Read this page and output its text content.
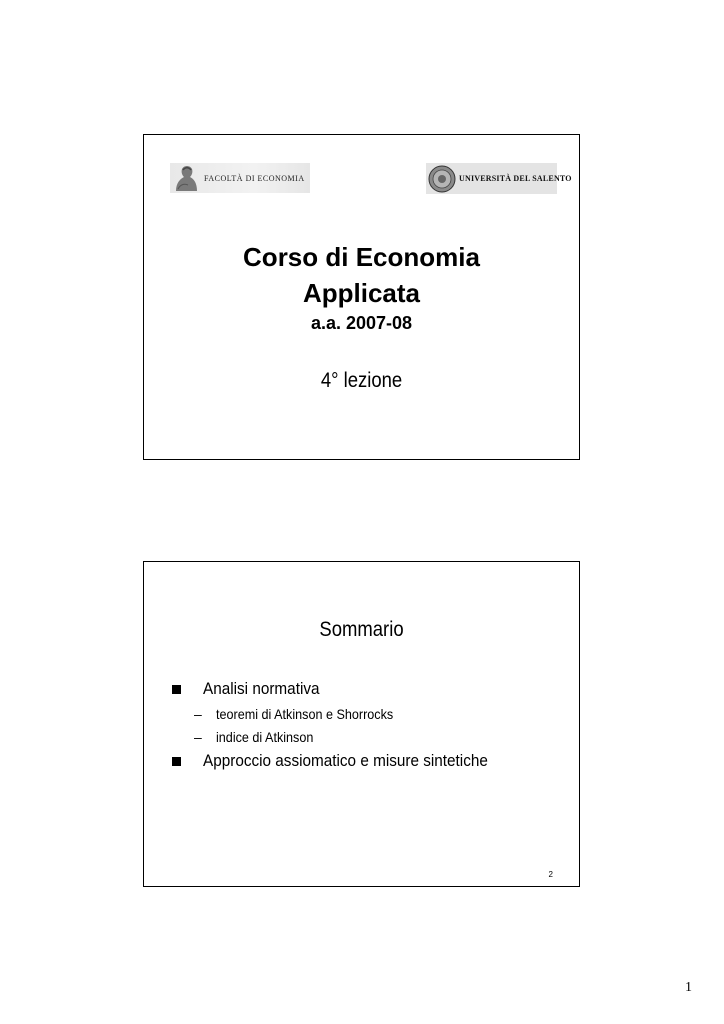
FACOLTÀ DI ECONOMIA	UNIVERSITÀ DEL SALENTO
Corso di Economia
Applicata
a.a. 2007-08
4° lezione
Sommario
Analisi normativa
–	teoremi di Atkinson e Shorrocks
–	indice di Atkinson
Approccio assiomatico e misure sintetiche
2
1
